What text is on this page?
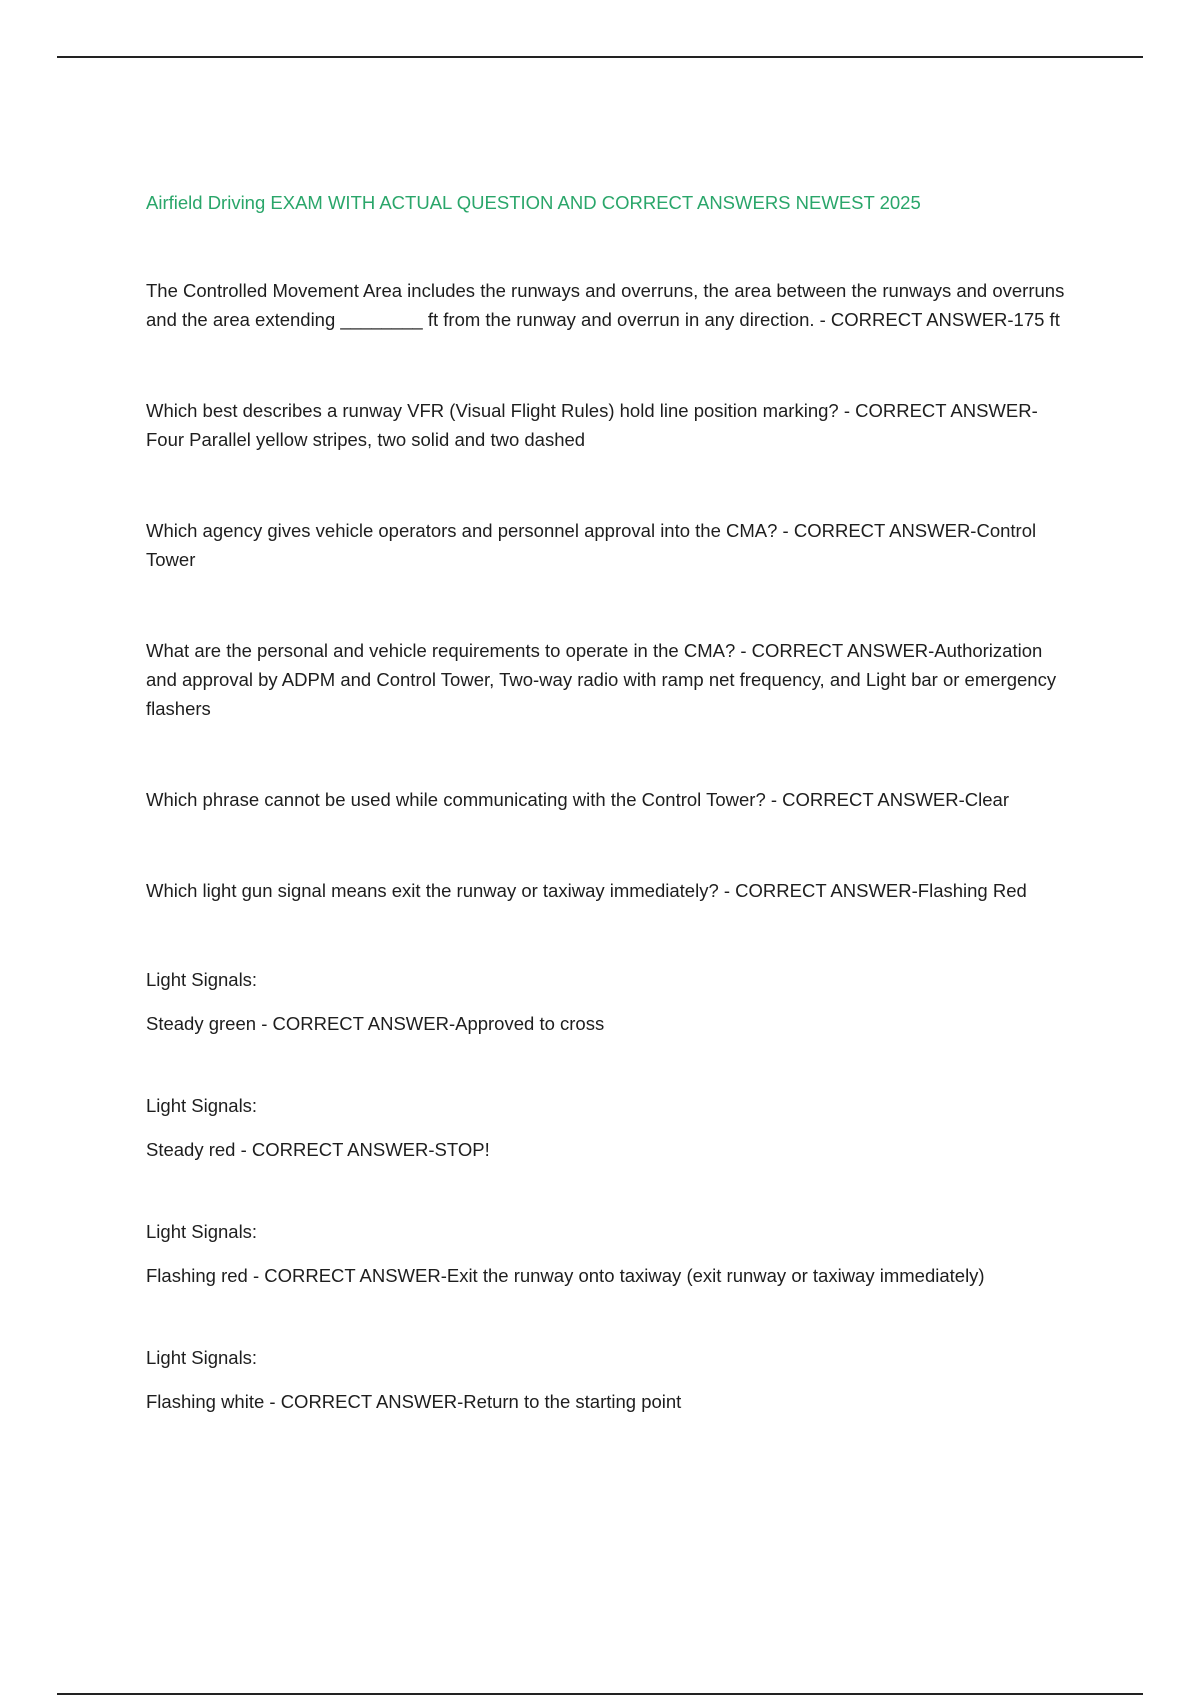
Airfield Driving EXAM WITH ACTUAL QUESTION AND CORRECT ANSWERS NEWEST 2025

The Controlled Movement Area includes the runways and overruns, the area between the runways and overruns and the area extending ________ ft from the runway and overrun in any direction. - CORRECT ANSWER-175 ft

Which best describes a runway VFR (Visual Flight Rules) hold line position marking? - CORRECT ANSWER-Four Parallel yellow stripes, two solid and two dashed

Which agency gives vehicle operators and personnel approval into the CMA? - CORRECT ANSWER-Control Tower

What are the personal and vehicle requirements to operate in the CMA? - CORRECT ANSWER-Authorization and approval by ADPM and Control Tower, Two-way radio with ramp net frequency, and Light bar or emergency flashers

Which phrase cannot be used while communicating with the Control Tower? - CORRECT ANSWER-Clear

Which light gun signal means exit the runway or taxiway immediately? - CORRECT ANSWER-Flashing Red

Light Signals:
Steady green - CORRECT ANSWER-Approved to cross
Light Signals:
Steady red - CORRECT ANSWER-STOP!
Light Signals:
Flashing red - CORRECT ANSWER-Exit the runway onto taxiway (exit runway or taxiway immediately)
Light Signals:
Flashing white - CORRECT ANSWER-Return to the starting point
